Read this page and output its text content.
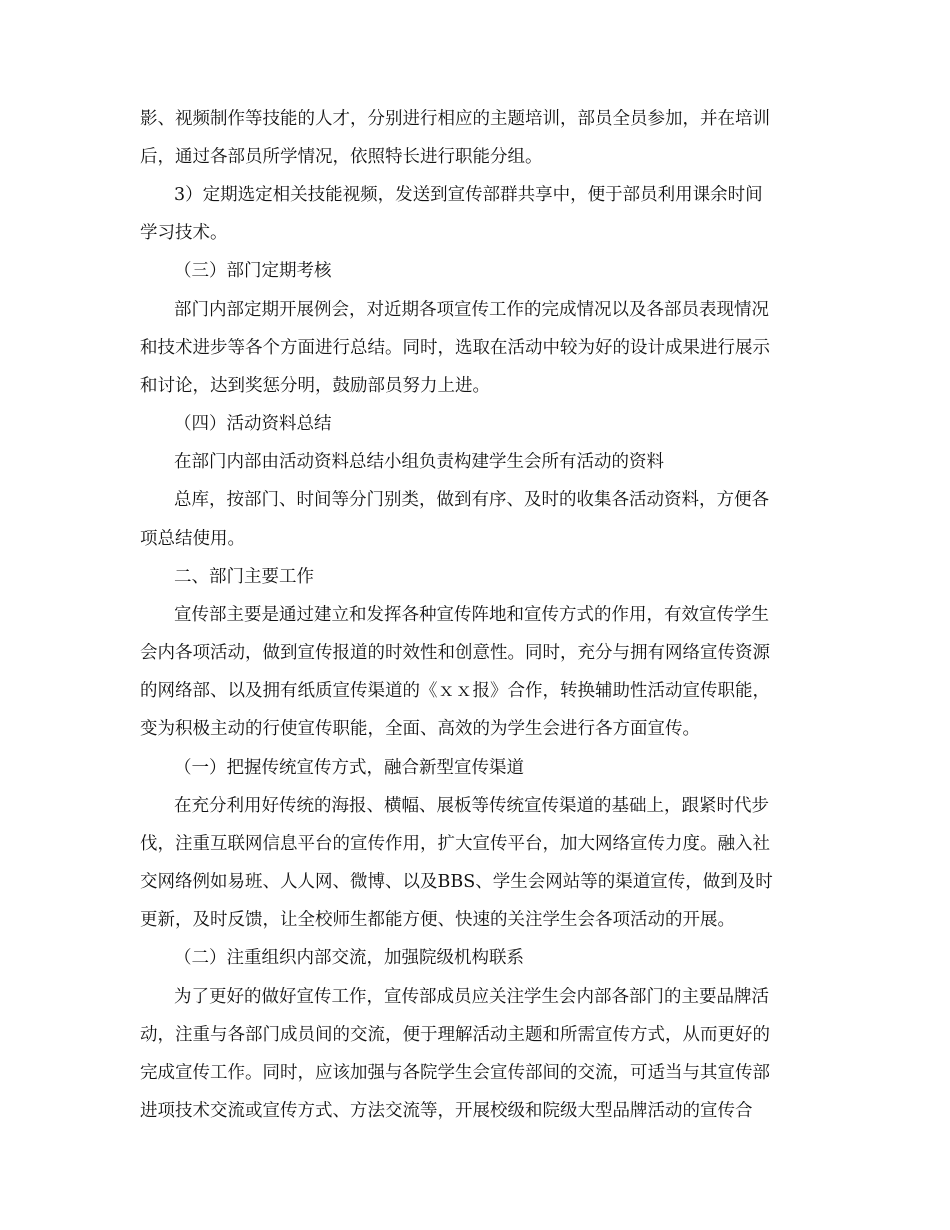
影、视频制作等技能的人才，分别进行相应的主题培训，部员全员参加，并在培训
后，通过各部员所学情况，依照特长进行职能分组。
3）定期选定相关技能视频，发送到宣传部群共享中，便于部员利用课余时间
学习技术。
（三）部门定期考核
部门内部定期开展例会，对近期各项宣传工作的完成情况以及各部员表现情况
和技术进步等各个方面进行总结。同时，选取在活动中较为好的设计成果进行展示
和讨论，达到奖惩分明，鼓励部员努力上进。
（四）活动资料总结
在部门内部由活动资料总结小组负责构建学生会所有活动的资料
总库，按部门、时间等分门别类，做到有序、及时的收集各活动资料，方便各
项总结使用。
二、部门主要工作
宣传部主要是通过建立和发挥各种宣传阵地和宣传方式的作用，有效宣传学生
会内各项活动，做到宣传报道的时效性和创意性。同时，充分与拥有网络宣传资源
的网络部、以及拥有纸质宣传渠道的《ｘｘ报》合作，转换辅助性活动宣传职能，
变为积极主动的行使宣传职能，全面、高效的为学生会进行各方面宣传。
（一）把握传统宣传方式，融合新型宣传渠道
在充分利用好传统的海报、横幅、展板等传统宣传渠道的基础上，跟紧时代步
伐，注重互联网信息平台的宣传作用，扩大宣传平台，加大网络宣传力度。融入社
交网络例如易班、人人网、微博、以及BBS、学生会网站等的渠道宣传，做到及时
更新，及时反馈，让全校师生都能方便、快速的关注学生会各项活动的开展。
（二）注重组织内部交流，加强院级机构联系
为了更好的做好宣传工作，宣传部成员应关注学生会内部各部门的主要品牌活
动，注重与各部门成员间的交流，便于理解活动主题和所需宣传方式，从而更好的
完成宣传工作。同时，应该加强与各院学生会宣传部间的交流，可适当与其宣传部
进项技术交流或宣传方式、方法交流等，开展校级和院级大型品牌活动的宣传合
